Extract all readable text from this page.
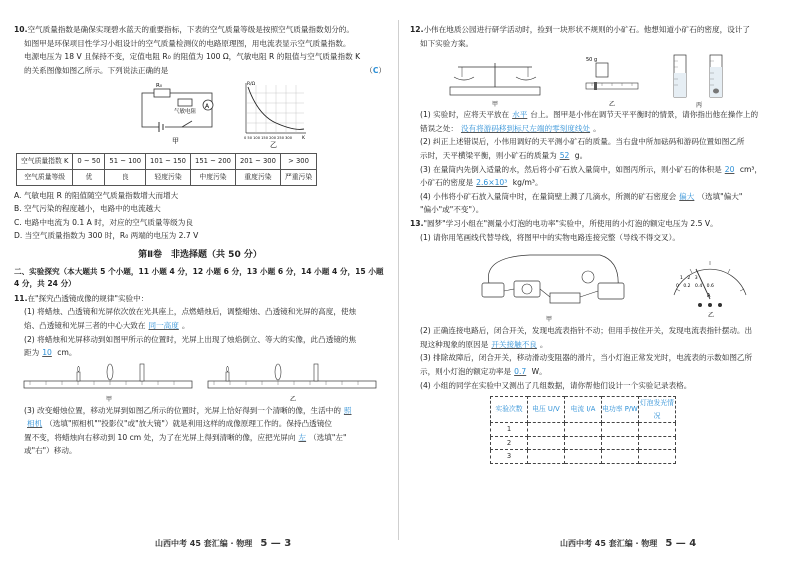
10.空气质量指数是确保实现碧水蓝天的重要指标，下表的空气质量等级是按照空气质量指数划分的。

如图甲是环保项目性学习小组设计的空气质量检测仪的电路原理图，用电流表显示空气质量指数。

电源电压为 18 V 且保持不变，定值电阻 R₀ 的阻值为 100 Ω，气敏电阻 R 的阻值与空气质量指数 K

的关系图像如图乙所示。下列说法正确的是	（C）

A
R₀
气敏电阻
甲
R/Ω
K
0 50 100 150 200 250 300
乙
空气质量指数 K	0 ~ 50	51 ~ 100	101 ~ 150	151 ~ 200	201 ~ 300	> 300
空气质量等级	优	良	轻度污染	中度污染	重度污染	严重污染

A. 气敏电阻 R 的阻值随空气质量指数增大而增大

B. 空气污染的程度越小，电路中的电流越大

C. 电路中电流为 0.1 A 时，对应的空气质量等级为良

D. 当空气质量指数为 300 时，R₀ 两端的电压为 2.7 V

第Ⅱ卷　非选择题（共 50 分）

二、实验探究（本大题共 5 个小题，11 小题 4 分，12 小题 6 分，13 小题 6 分，14 小题 4 分，15 小题 4 分，共 24 分）

11.在"探究凸透镜成像的规律"实验中：

(1) 将蜡烛、凸透镜和光屏依次放在光具座上，点燃蜡烛后，调整蜡烛、凸透镜和光屏的高度，使烛

焰、凸透镜和光屏三者的中心大致在 同一高度 。

(2) 将蜡烛和光屏移动到如图甲所示的位置时，光屏上出现了烛焰倒立、等大的实像，此凸透镜的焦

距为 10 cm。

甲	乙

(3) 改变蜡烛位置，移动光屏到如图乙所示的位置时，光屏上恰好得到一个清晰的像，生活中的 照

相机 （选填"照相机""投影仪"或"放大镜"）就是利用这样的成像原理工作的。保持凸透镜位

置不变，将蜡烛向右移动到 10 cm 处，为了在光屏上得到清晰的像，应把光屏向 左 （选填"左"

或"右"）移动。

12.小伟在地质公园进行研学活动时，捡到一块形状不规则的小矿石。他想知道小矿石的密度，设计了

如下实验方案。

甲
50 g
乙	丙

(1) 实验时，应将天平放在 水平 台上。图甲是小伟在调节天平平衡时的情景，请你指出他在操作上的

错误之处： 没有将游码移到标尺左端的零刻度线处 。

(2) 纠正上述错误后，小伟用调好的天平测小矿石的质量。当右盘中所加砝码和游码位置如图乙所

示时，天平横梁平衡，则小矿石的质量为 52 g。

(3) 在量筒内先倒入适量的水，然后将小矿石放入量筒中，如图丙所示，则小矿石的体积是 20 cm³，

小矿石的密度是 2.6×10³ kg/m³。

(4) 小伟将小矿石放入量筒中时，在量筒壁上溅了几滴水，所测的矿石密度会 偏大 （选填"偏大"

"偏小"或"不变"）。

13."圆梦"学习小组在"测量小灯泡的电功率"实验中，所使用的小灯泡的额定电压为 2.5 V。

(1) 请你用笔画线代替导线，将图甲中的实物电路连接完整（导线不得交叉）。

甲
1　2　3
0　0.2　0.4　0.6
A
乙

(2) 正确连接电路后，闭合开关，发现电流表指针不动；但用手按住开关，发现电流表指针摆动。出

现这种现象的原因是 开关接触不良 。

(3) 排除故障后，闭合开关，移动滑动变阻器的滑片，当小灯泡正常发光时，电流表的示数如图乙所

示，则小灯泡的额定功率是 0.7 W。

(4) 小组的同学在实验中又测出了几组数据，请你帮他们设计一个实验记录表格。

实验次数	电压 U/V	电流 I/A	电功率 P/W	灯泡发光情况
1				
2				
3				
山西中考 45 套汇编 · 物理 5 — 3	山西中考 45 套汇编 · 物理 5 — 4
